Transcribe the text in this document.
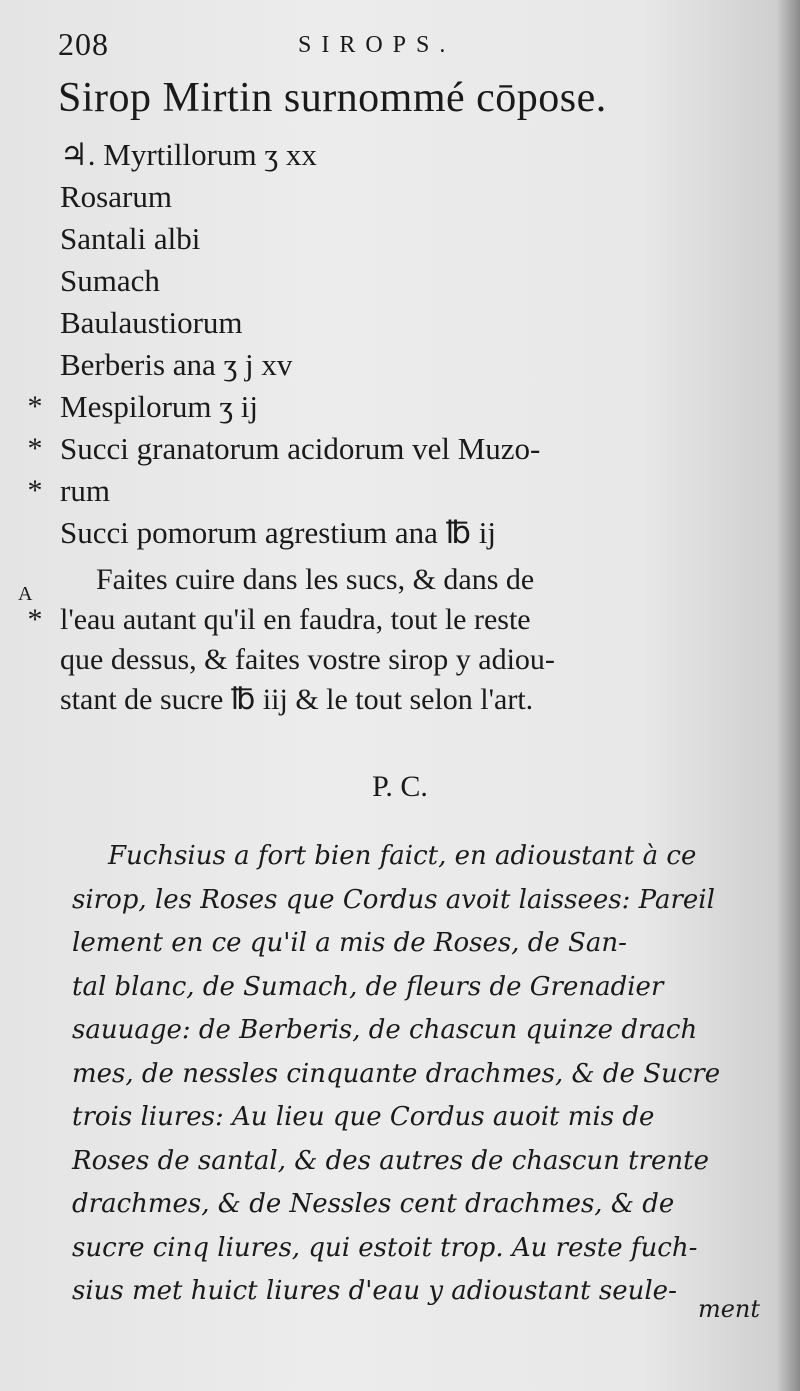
208	SIROPS.
Sirop Mirtin surnommé cōpose.
♃. Myrtillorum ʒ xx
Rosarum
Santali albi
Sumach
Baulaustiorum
Berberis ana ʒ j xv
* Mespilorum ʒ ij
* Succi granatorum acidorum vel Muzo-
* rum
Succi pomorum agrestium ana ℔ ij
A Faites cuire dans les sucs, & dans de
* l'eau autant qu'il en faudra, tout le reste
que dessus, & faites vostre sirop y adiou-
stant de sucre ℔ iij & le tout selon l'art.
P. C.
Fuchsius a fort bien faict, en adioustant à ce
sirop, les Roses que Cordus avoit laissees: Pareil
lement en ce qu'il a mis de Roses, de San-
tal blanc, de Sumach, de fleurs de Grenadier
sauuage: de Berberis, de chascun quinze drach
mes, de nessles cinquante drachmes, & de Sucre
trois liures: Au lieu que Cordus auoit mis de
Roses de santal, & des autres de chascun trente
drachmes, & de Nessles cent drachmes, & de
sucre cinq liures, qui estoit trop. Au reste fuch-
sius met huict liures d'eau y adioustant seule-
ment
